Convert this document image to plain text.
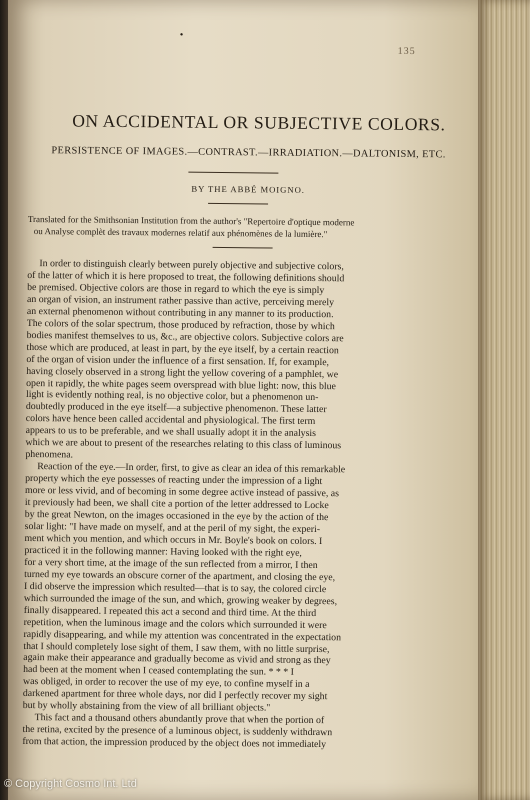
•
135
ON ACCIDENTAL OR SUBJECTIVE COLORS.
PERSISTENCE OF IMAGES.—CONTRAST.—IRRADIATION.—DALTONISM, ETC.
BY THE ABBÉ MOIGNO.
Translated for the Smithsonian Institution from the author's "Repertoire d'optique moderne
ou Analyse complèt des travaux modernes relatif aux phénomènes de la lumière."
In order to distinguish clearly between purely objective and subjective colors,
of the latter of which it is here proposed to treat, the following definitions should
be premised. Objective colors are those in regard to which the eye is simply
an organ of vision, an instrument rather passive than active, perceiving merely
an external phenomenon without contributing in any manner to its production.
The colors of the solar spectrum, those produced by refraction, those by which
bodies manifest themselves to us, &c., are objective colors. Subjective colors are
those which are produced, at least in part, by the eye itself, by a certain reaction
of the organ of vision under the influence of a first sensation. If, for example,
having closely observed in a strong light the yellow covering of a pamphlet, we
open it rapidly, the white pages seem overspread with blue light: now, this blue
light is evidently nothing real, is no objective color, but a phenomenon un-
doubtedly produced in the eye itself—a subjective phenomenon. These latter
colors have hence been called accidental and physiological. The first term
appears to us to be preferable, and we shall usually adopt it in the analysis
which we are about to present of the researches relating to this class of luminous
phenomena.
Reaction of the eye.—In order, first, to give as clear an idea of this remarkable
property which the eye possesses of reacting under the impression of a light
more or less vivid, and of becoming in some degree active instead of passive, as
it previously had been, we shall cite a portion of the letter addressed to Locke
by the great Newton, on the images occasioned in the eye by the action of the
solar light: "I have made on myself, and at the peril of my sight, the experi-
ment which you mention, and which occurs in Mr. Boyle's book on colors. I
practiced it in the following manner: Having looked with the right eye,
for a very short time, at the image of the sun reflected from a mirror, I then
turned my eye towards an obscure corner of the apartment, and closing the eye,
I did observe the impression which resulted—that is to say, the colored circle
which surrounded the image of the sun, and which, growing weaker by degrees,
finally disappeared. I repeated this act a second and third time. At the third
repetition, when the luminous image and the colors which surrounded it were
rapidly disappearing, and while my attention was concentrated in the expectation
that I should completely lose sight of them, I saw them, with no little surprise,
again make their appearance and gradually become as vivid and strong as they
had been at the moment when I ceased contemplating the sun. * * * I
was obliged, in order to recover the use of my eye, to confine myself in a
darkened apartment for three whole days, nor did I perfectly recover my sight
but by wholly abstaining from the view of all brilliant objects."
This fact and a thousand others abundantly prove that when the portion of
the retina, excited by the presence of a luminous object, is suddenly withdrawn
from that action, the impression produced by the object does not immediately
© Copyright Cosmo Int. Ltd
